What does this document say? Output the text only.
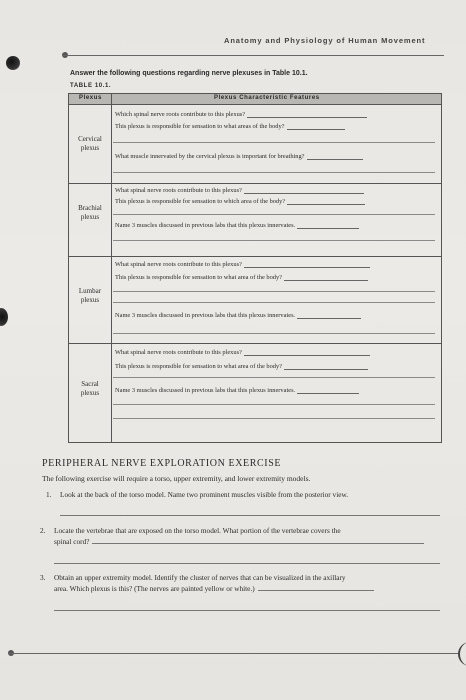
Anatomy and Physiology of Human Movement
Answer the following questions regarding nerve plexuses in Table 10.1.
TABLE 10.1.
Plexus	Plexus Characteristic Features
Cervical
plexus
Which spinal nerve roots contribute to this plexus?
This plexus is responsible for sensation to what areas of the body?
What muscle innervated by the cervical plexus is important for breathing?
Brachial
plexus
What spinal nerve roots contribute to this plexus?
This plexus is responsible for sensation to which area of the body?
Name 3 muscles discussed in previous labs that this plexus innervates.
Lumbar
plexus
What spinal nerve roots contribute to this plexus?
This plexus is responsible for sensation to what area of the body?
Name 3 muscles discussed in previous labs that this plexus innervates.
Sacral
plexus
What spinal nerve roots contribute to this plexus?
This plexus is responsible for sensation to what area of the body?
Name 3 muscles discussed in previous labs that this plexus innervates.
PERIPHERAL NERVE EXPLORATION EXERCISE
The following exercise will require a torso, upper extremity, and lower extremity models.
1. Look at the back of the torso model. Name two prominent muscles visible from the posterior view.
2. Locate the vertebrae that are exposed on the torso model. What portion of the vertebrae covers the
spinal cord?
3. Obtain an upper extremity model. Identify the cluster of nerves that can be visualized in the axillary
area. Which plexus is this? (The nerves are painted yellow or white.)
